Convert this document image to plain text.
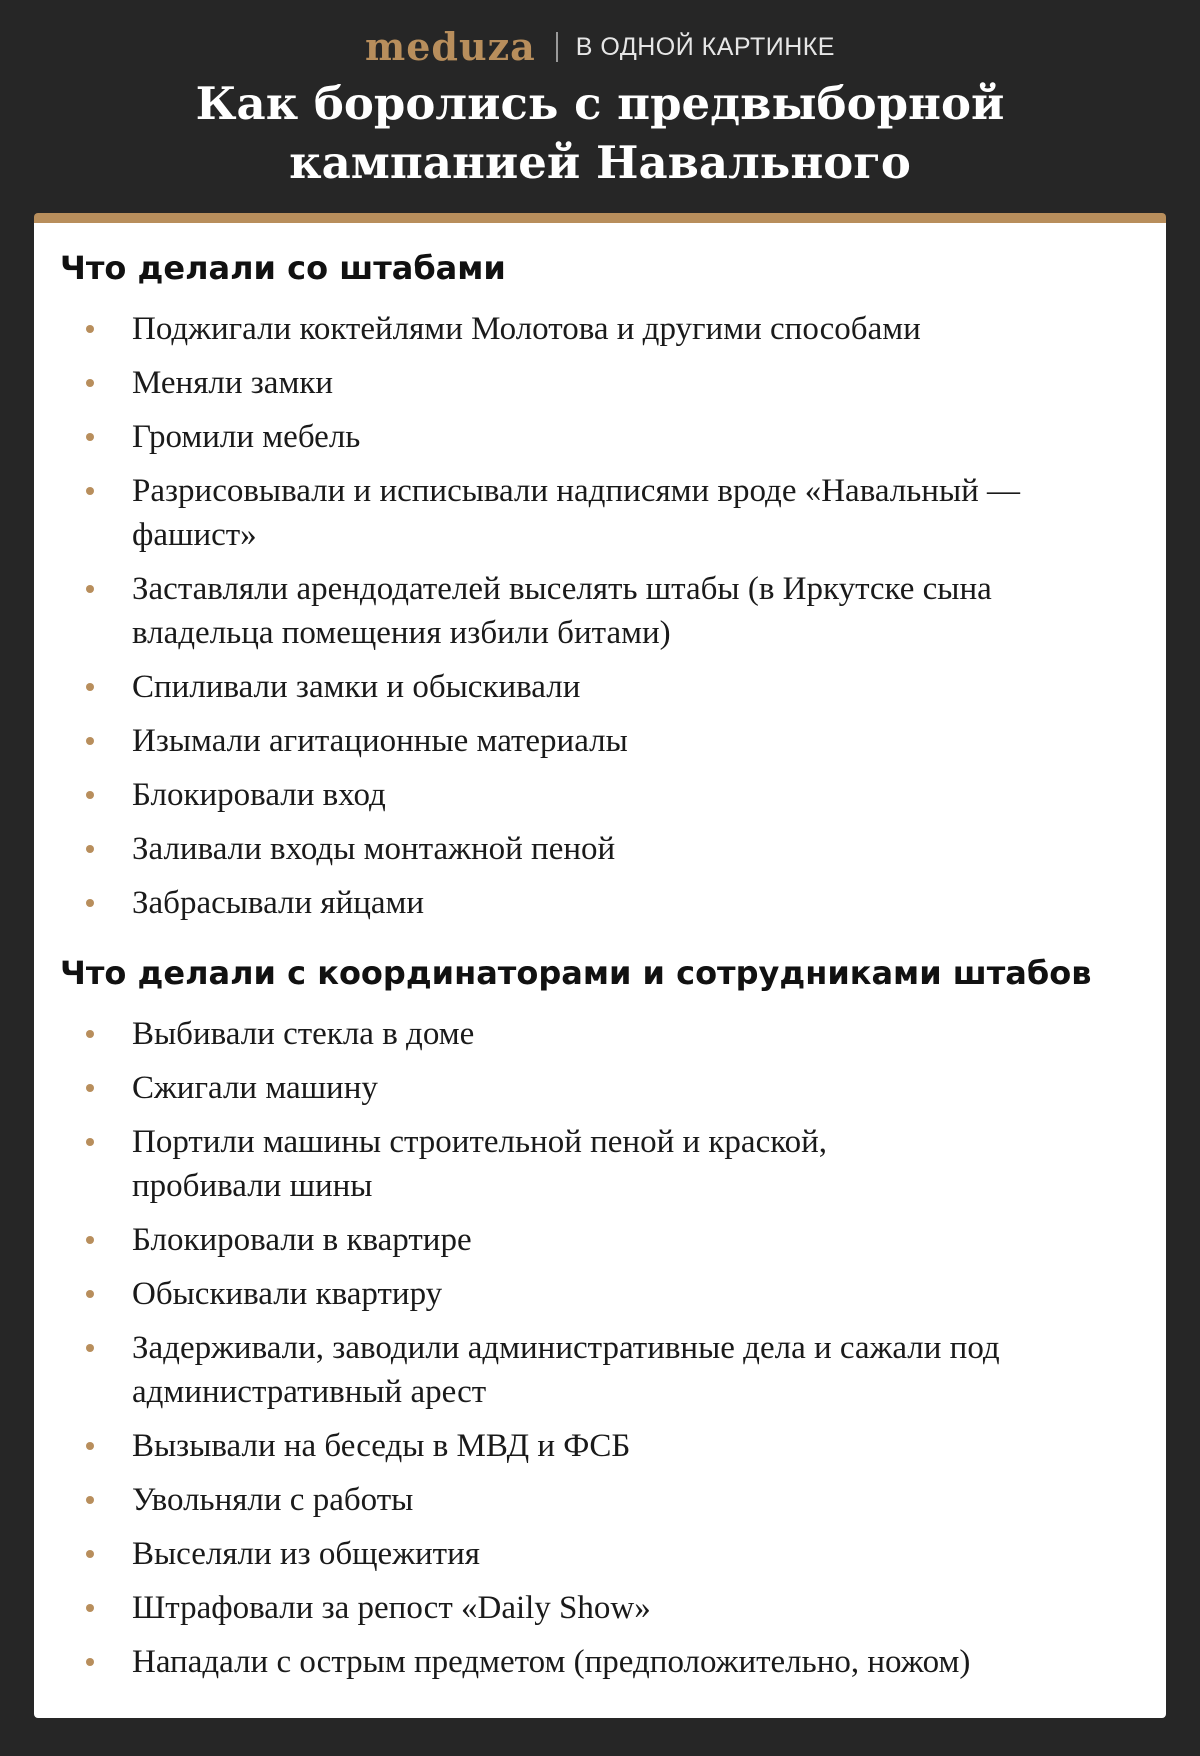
meduza В ОДНОЙ КАРТИНКЕ
Как боролись с предвыборной
кампанией Навального
Что делали со штабами
Поджигали коктейлями Молотова и другими способами
Меняли замки
Громили мебель
Разрисовывали и исписывали надписями вроде «Навальный — фашист»
Заставляли арендодателей выселять штабы (в Иркутске сына владельца помещения избили битами)
Спиливали замки и обыскивали
Изымали агитационные материалы
Блокировали вход
Заливали входы монтажной пеной
Забрасывали яйцами
Что делали с координаторами и сотрудниками штабов
Выбивали стекла в доме
Сжигали машину
Портили машины строительной пеной и краской, пробивали шины
Блокировали в квартире
Обыскивали квартиру
Задерживали, заводили административные дела и сажали под административный арест
Вызывали на беседы в МВД и ФСБ
Увольняли с работы
Выселяли из общежития
Штрафовали за репост «Daily Show»
Нападали с острым предметом (предположительно, ножом)
